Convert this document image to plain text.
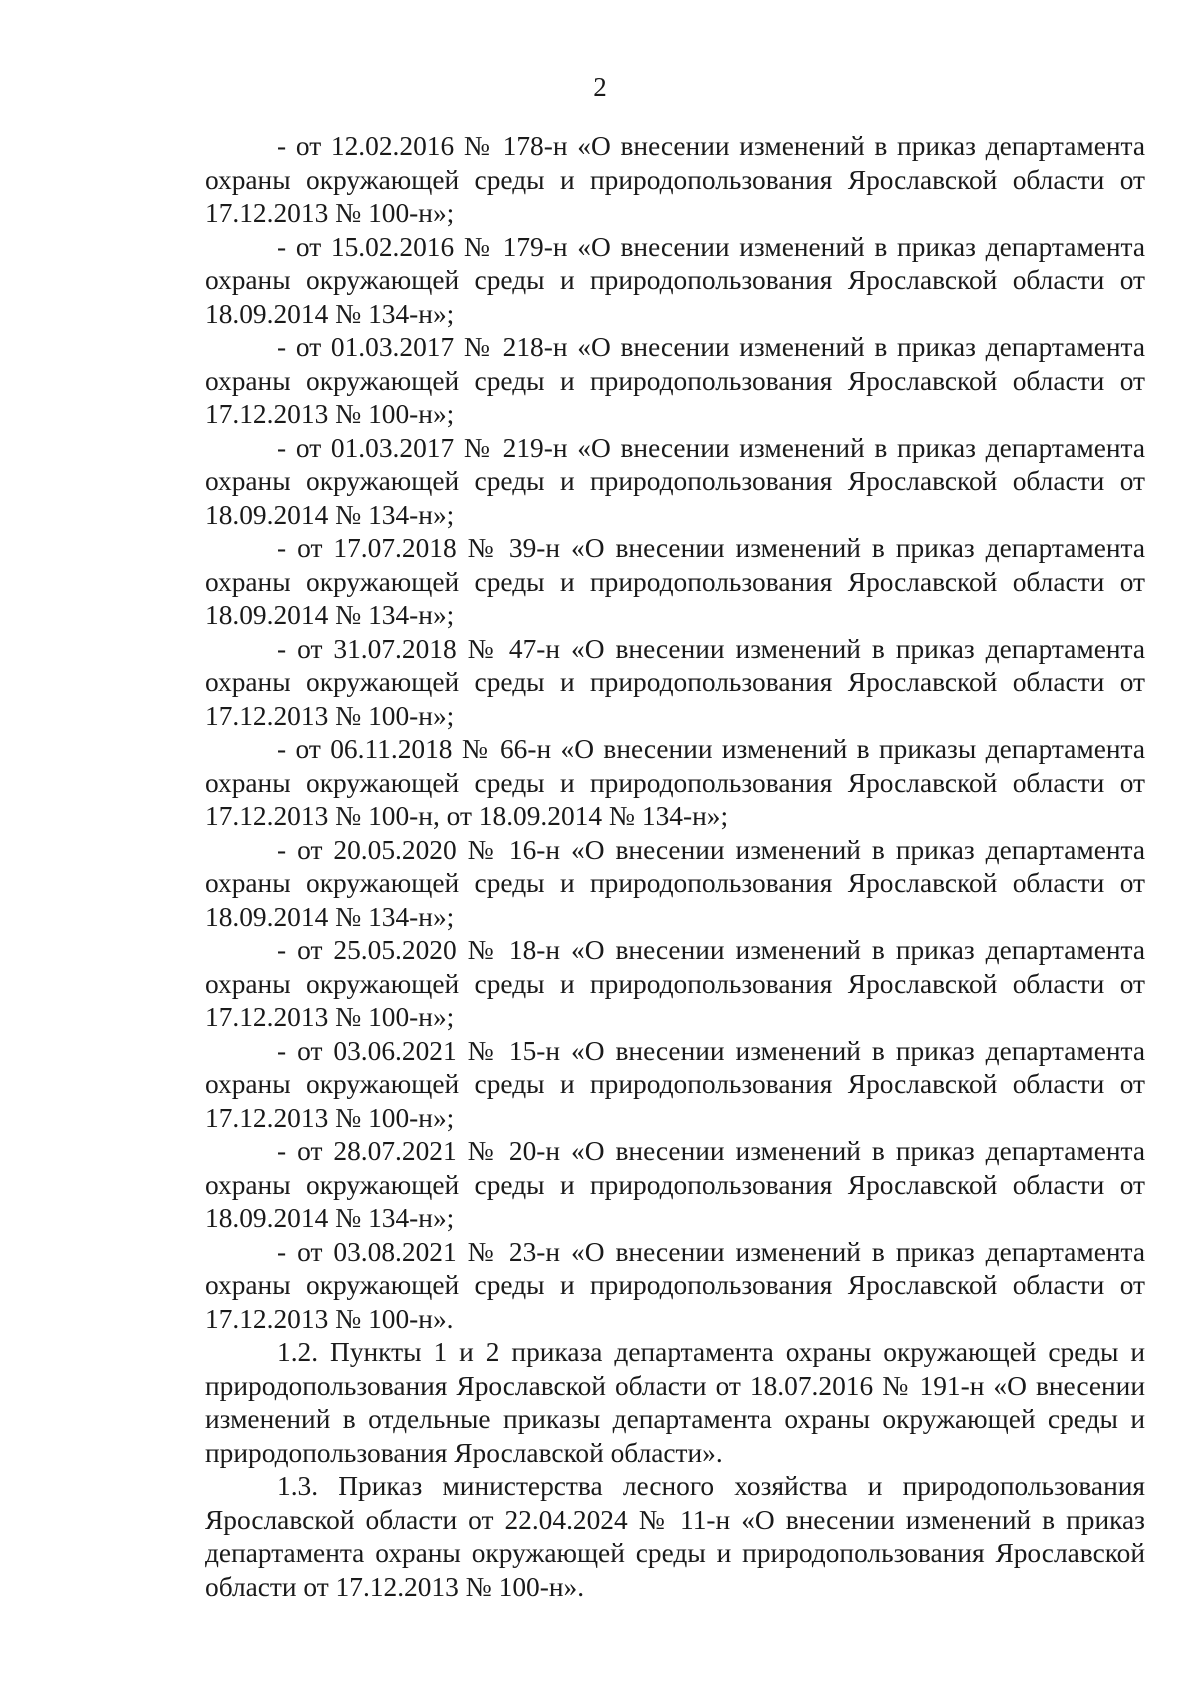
2

- от 12.02.2016 № 178-н «О внесении изменений в приказ департамента охраны окружающей среды и природопользования Ярославской области от 17.12.2013 № 100-н»;

- от 15.02.2016 № 179-н «О внесении изменений в приказ департамента охраны окружающей среды и природопользования Ярославской области от 18.09.2014 № 134-н»;

- от 01.03.2017 № 218-н «О внесении изменений в приказ департамента охраны окружающей среды и природопользования Ярославской области от 17.12.2013 № 100-н»;

- от 01.03.2017 № 219-н «О внесении изменений в приказ департамента охраны окружающей среды и природопользования Ярославской области от 18.09.2014 № 134-н»;

- от 17.07.2018 № 39-н «О внесении изменений в приказ департамента охраны окружающей среды и природопользования Ярославской области от 18.09.2014 № 134-н»;

- от 31.07.2018 № 47-н «О внесении изменений в приказ департамента охраны окружающей среды и природопользования Ярославской области от 17.12.2013 № 100-н»;

- от 06.11.2018 № 66-н «О внесении изменений в приказы департамента охраны окружающей среды и природопользования Ярославской области от 17.12.2013 № 100-н, от 18.09.2014 № 134-н»;

- от 20.05.2020 № 16-н «О внесении изменений в приказ департамента охраны окружающей среды и природопользования Ярославской области от 18.09.2014 № 134-н»;

- от 25.05.2020 № 18-н «О внесении изменений в приказ департамента охраны окружающей среды и природопользования Ярославской области от 17.12.2013 № 100-н»;

- от 03.06.2021 № 15-н «О внесении изменений в приказ департамента охраны окружающей среды и природопользования Ярославской области от 17.12.2013 № 100-н»;

- от 28.07.2021 № 20-н «О внесении изменений в приказ департамента охраны окружающей среды и природопользования Ярославской области от 18.09.2014 № 134-н»;

- от 03.08.2021 № 23-н «О внесении изменений в приказ департамента охраны окружающей среды и природопользования Ярославской области от 17.12.2013 № 100-н».

1.2. Пункты 1 и 2 приказа департамента охраны окружающей среды и природопользования Ярославской области от 18.07.2016 № 191-н «О внесении изменений в отдельные приказы департамента охраны окружающей среды и природопользования Ярославской области».

1.3. Приказ министерства лесного хозяйства и природопользования Ярославской области от 22.04.2024 № 11-н «О внесении изменений в приказ департамента охраны окружающей среды и природопользования Ярославской области от 17.12.2013 № 100-н».
